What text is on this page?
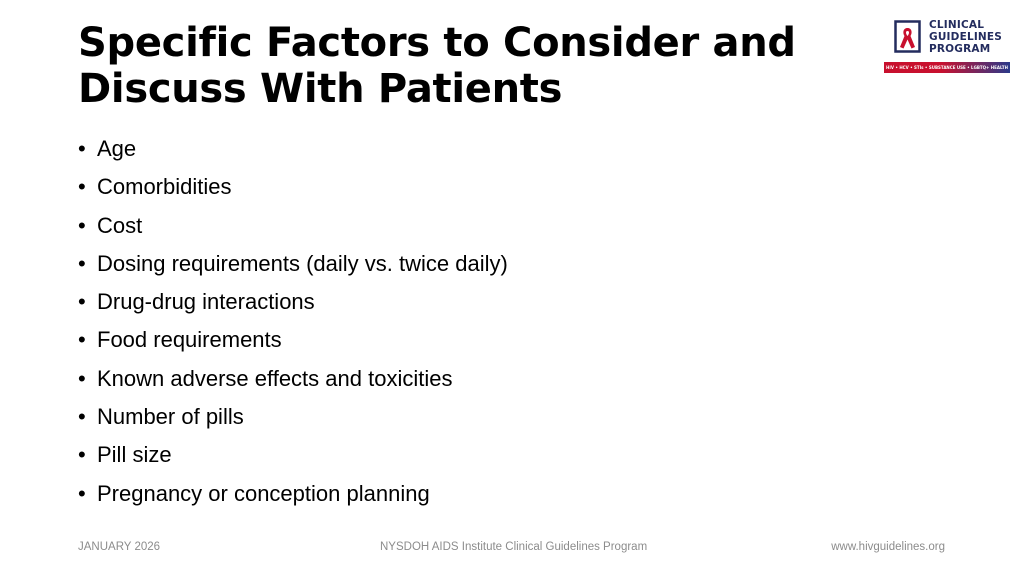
Specific Factors to Consider and
Discuss With Patients
CLINICAL
GUIDELINES
PROGRAM
HIV • HCV • STIs • SUBSTANCE USE • LGBTQ+ HEALTH
• Age
• Comorbidities
• Cost
• Dosing requirements (daily vs. twice daily)
• Drug-drug interactions
• Food requirements
• Known adverse effects and toxicities
• Number of pills
• Pill size
• Pregnancy or conception planning
JANUARY 2026	NYSDOH AIDS Institute Clinical Guidelines Program	www.hivguidelines.org
